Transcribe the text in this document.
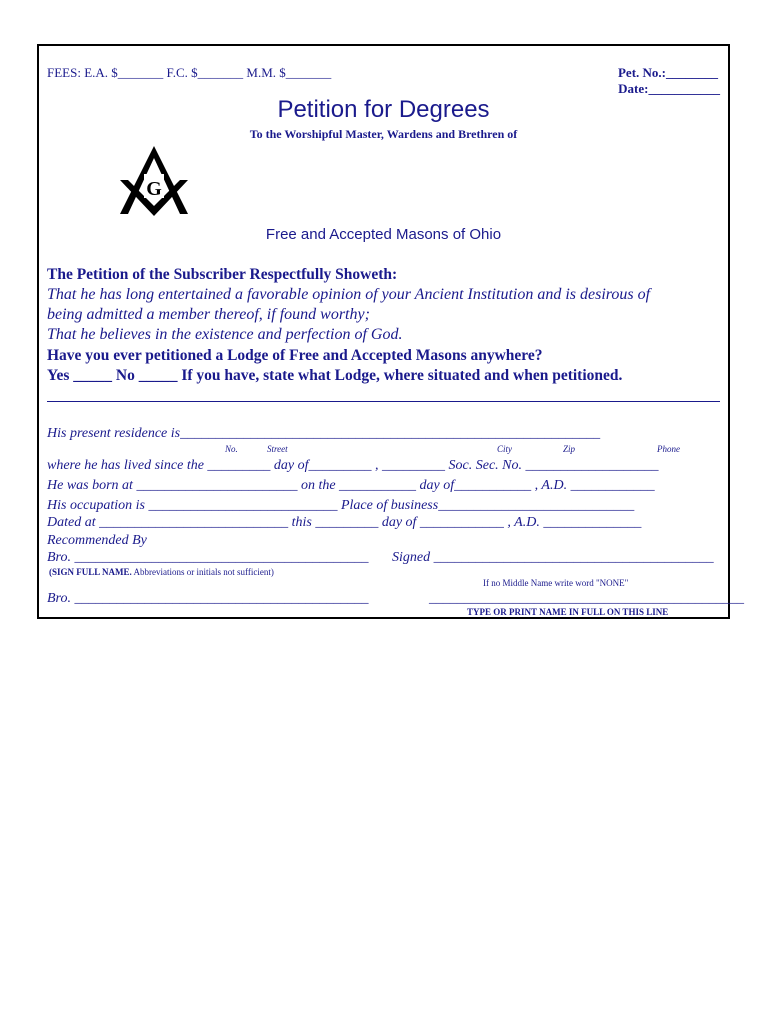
FEES: E.A. $_______ F.C. $_______ M.M. $_______	Pet. No.:________
Date:___________
Petition for Degrees
To the Worshipful Master, Wardens and Brethren of
G
Free and Accepted Masons of Ohio
The Petition of the Subscriber Respectfully Showeth:
That he has long entertained a favorable opinion of your Ancient Institution and is desirous of
being admitted a member thereof, if found worthy;
That he believes in the existence and perfection of God.
Have you ever petitioned a Lodge of Free and Accepted Masons anywhere?
Yes _____ No _____ If you have, state what Lodge, where situated and when petitioned.
His present residence is____________________________________________________________
No.	Street	City	Zip	Phone
where he has lived since the _________ day of_________ , _________ Soc. Sec. No. ___________________
He was born at _______________________ on the ___________ day of___________ , A.D. ____________
His occupation is ___________________________ Place of business____________________________
Dated at ___________________________ this _________ day of ____________ , A.D. ______________
Recommended By
Bro. __________________________________________ Signed ________________________________________
(SIGN FULL NAME. Abbreviations or initials not sufficient)
If no Middle Name write word "NONE"
Bro. __________________________________________	_____________________________________________
TYPE OR PRINT NAME IN FULL ON THIS LINE
